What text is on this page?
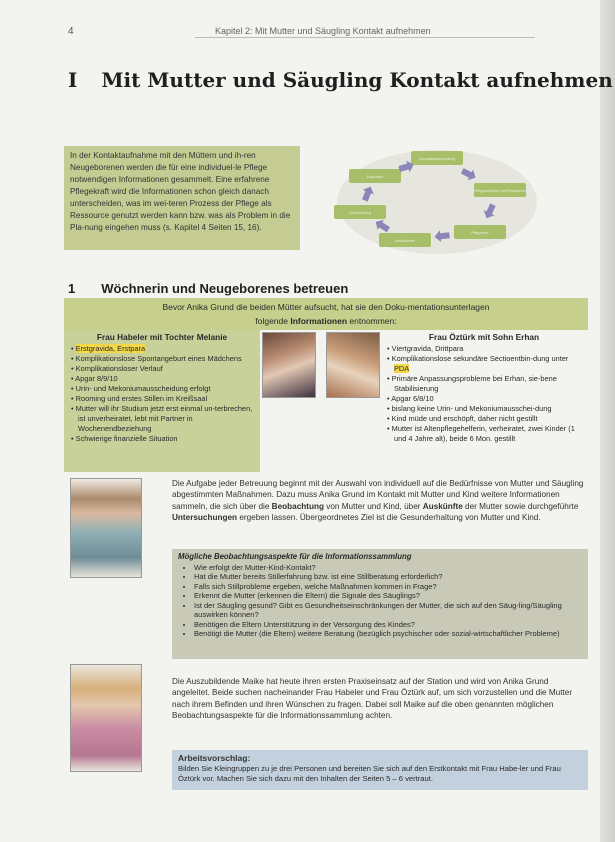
4	Kapitel 2: Mit Mutter und Säugling Kontakt aufnehmen
I Mit Mutter und Säugling Kontakt aufnehmen
In der Kontaktaufnahme mit den Müttern und ih-ren Neugeborenen werden die für eine individuel-le Pflege notwendigen Informationen gesammelt. Eine erfahrene Pflegekraft wird die Informationen schon gleich danach unterscheiden, was im wei-teren Prozess der Pflege als Ressource genutzt werden kann bzw. was als Problem in die Pla-nung eingehen muss (s. Kapitel 4 Seiten 15, 16).
Informationssammlung
Pflegeprobleme und Ressourcen
Pflegeziele
Maßnahmen
Durchführung
Evaluation
1 Wöchnerin und Neugeborenes betreuen
Bevor Anika Grund die beiden Mütter aufsucht, hat sie den Doku-mentationsunterlagen
folgende Informationen entnommen:
Frau Habeler mit Tochter Melanie
• Erstgravida, Erstpara
• Komplikationslose Spontangeburt eines Mädchens
• Komplikationsloser Verlauf
• Apgar 8/9/10
• Urin- und Mekoniumausscheidung erfolgt
• Rooming und erstes Stillen im Kreißsaal
• Mutter will ihr Studium jetzt erst einmal un-terbrechen, ist unverheiratet, lebt mit Partner in Wochenendbeziehung
• Schwierige finanzielle Situation
Frau Öztürk mit Sohn Erhan
• Viertgravida, Drittpara
• Komplikationslose sekundäre Sectioentbin-dung unter PDA
• Primäre Anpassungsprobleme bei Erhan, sie-bene Stabilisierung
• Apgar 6/8/10
• bislang keine Urin- und Mekoniumausschei-dung
• Kind müde und erschöpft, daher nicht gestillt
• Mutter ist Altenpflegehelferin, verheiratet, zwei Kinder (1 und 4 Jahre alt), beide 6 Mon. gestillt
Die Aufgabe jeder Betreuung beginnt mit der Auswahl von individuell auf die Bedürfnisse von Mutter und Säugling abgestimmten Maßnahmen. Dazu muss Anika Grund im Kontakt mit Mutter und Kind weitere Informationen sammeln, die sich über die Beobachtung von Mutter und Kind, über Auskünfte der Mutter sowie durchgeführte Untersuchungen ergeben lassen. Übergeordnetes Ziel ist die Gesunderhaltung von Mutter und Kind.
Mögliche Beobachtungsaspekte für die Informationssammlung
• Wie erfolgt der Mutter-Kind-Kontakt?
• Hat die Mutter bereits Stillerfahrung bzw. ist eine Stillberatung erforderlich?
• Falls sich Stillprobleme ergeben, welche Maßnahmen kommen in Frage?
• Erkennt die Mutter (erkennen die Eltern) die Signale des Säuglings?
• Ist der Säugling gesund? Gibt es Gesundheitseinschränkungen der Mutter, die sich auf den Säug-ling/Säugling auswirken können?
• Benötigen die Eltern Unterstützung in der Versorgung des Kindes?
• Benötigt die Mutter (die Eltern) weitere Beratung (bezüglich psychischer oder sozial-wirtschaftlicher Probleme)
Die Auszubildende Maike hat heute ihren ersten Praxiseinsatz auf der Station und wird von Anika Grund angeleitet. Beide suchen nacheinander Frau Habeler und Frau Öztürk auf, um sich vorzustellen und die Mutter nach ihrem Befinden und ihren Wünschen zu fragen. Dabei soll Maike auf die oben genannten möglichen Beobachtungsaspekte für die Informationssammlung achten.
Arbeitsvorschlag:
Bilden Sie Kleingruppen zu je drei Personen und bereiten Sie sich auf den Erstkontakt mit Frau Habe-ler und Frau Öztürk vor. Machen Sie sich dazu mit den Inhalten der Seiten 5 – 6 vertraut.
